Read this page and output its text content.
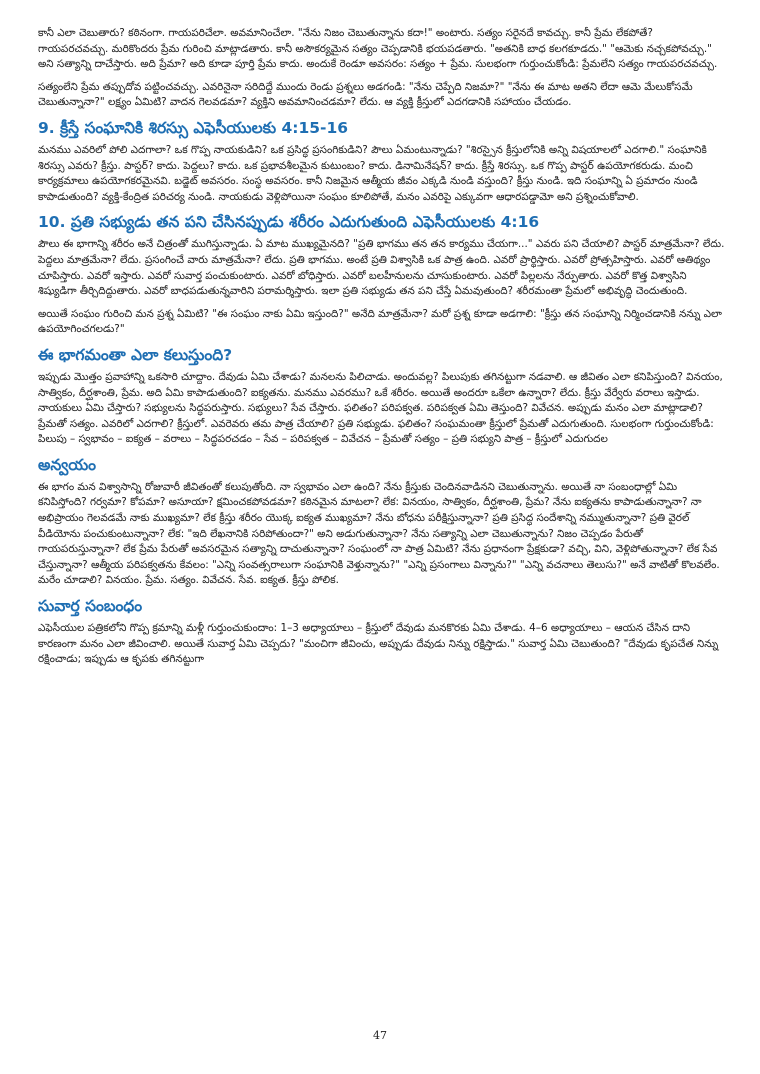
కానీ ఎలా చెబుతారు? కఠినంగా. గాయపరిచేలా. అవమానించేలా. "నేను నిజం చెబుతున్నాను కదా!" అంటారు. సత్యం సరైనదే కావచ్చు. కానీ ప్రేమ లేకపోతే? గాయపరచవచ్చు. మరికొందరు ప్రేమ గురించి మాట్లాడతారు. కానీ అసౌకర్యమైన సత్యం చెప్పడానికి భయపడతారు. "అతనికి బాధ కలగకూడదు." "ఆమెకు నచ్చకపోవచ్చు." అని సత్యాన్ని దాచేస్తారు. అది ప్రేమా? అది కూడా పూర్తి ప్రేమ కాదు. అందుకే రెండూ అవసరం: సత్యం + ప్రేమ. సులభంగా గుర్తుంచుకోండి: ప్రేమలేని సత్యం గాయపరచవచ్చు.

సత్యంలేని ప్రేమ తప్పుదోవ పట్టించవచ్చు. ఎవరినైనా సరిదిద్దే ముందు రెండు ప్రశ్నలు అడగండి: "నేను చెప్పేది నిజమా?" "నేను ఈ మాట అతని లేదా ఆమె మేలుకోసమే చెబుతున్నానా?" లక్ష్యం ఏమిటి? వాదన గెలవడమా? వ్యక్తిని అవమానించడమా? లేదు. ఆ వ్యక్తి క్రీస్తులో ఎదగడానికి సహాయం చేయడం.

9. క్రీస్తే సంఘానికి శిరస్సు ఎఫెసీయులకు 4:15-16

మనము ఎవరిలో పోలి ఎదగాలా? ఒక గొప్ప నాయకుడిని? ఒక ప్రసిద్ధ ప్రసంగికుడిని? పౌలు ఏమంటున్నాడు? "శిరస్సైన క్రీస్తులోనికి అన్ని విషయాలలో ఎదగాలి." సంఘానికి శిరస్సు ఎవరు? క్రీస్తు. పాస్టర్? కాదు. పెద్దలు? కాదు. ఒక ప్రభావశీలమైన కుటుంబం? కాదు. డినామినేషన్? కాదు. క్రీస్తే శిరస్సు. ఒక గొప్ప పాస్టర్ ఉపయోగకరుడు. మంచి కార్యక్రమాలు ఉపయోగకరమైనవి. బడ్జెట్ అవసరం. సంస్థ అవసరం. కానీ నిజమైన ఆత్మీయ జీవం ఎక్కడి నుండి వస్తుంది? క్రీస్తు నుండి. ఇది సంఘాన్ని ఏ ప్రమాదం నుండి కాపాడుతుంది? వ్యక్తి-కేంద్రిత పరిచర్య నుండి. నాయకుడు వెళ్లిపోయినా సంఘం కూలిపోతే, మనం ఎవరిపై ఎక్కువగా ఆధారపడ్డామో అని ప్రశ్నించుకోవాలి.

10. ప్రతి సభ్యుడు తన పని చేసినప్పుడు శరీరం ఎదుగుతుంది ఎఫెసీయులకు 4:16

పౌలు ఈ భాగాన్ని శరీరం అనే చిత్రంతో ముగిస్తున్నాడు. ఏ మాట ముఖ్యమైనది? "ప్రతి భాగము తన తన కార్యము చేయగా..." ఎవరు పని చేయాలి? పాస్టర్ మాత్రమేనా? లేదు. పెద్దలు మాత్రమేనా? లేదు. ప్రసంగించే వారు మాత్రమేనా? లేదు. ప్రతి భాగము. అంటే ప్రతి విశ్వాసికి ఒక పాత్ర ఉంది. ఎవరో ప్రార్థిస్తారు. ఎవరో ప్రోత్సహిస్తారు. ఎవరో ఆతిథ్యం చూపిస్తారు. ఎవరో ఇస్తారు. ఎవరో సువార్త పంచుకుంటారు. ఎవరో బోధిస్తారు. ఎవరో బలహీనులను చూసుకుంటారు. ఎవరో పిల్లలను నేర్పుతారు. ఎవరో కొత్త విశ్వాసిని శిష్యుడిగా తీర్చిదిద్దుతారు. ఎవరో బాధపడుతున్నవారిని పరామర్శిస్తారు. ఇలా ప్రతి సభ్యుడు తన పని చేస్తే ఏమవుతుంది? శరీరమంతా ప్రేమలో అభివృద్ధి చెందుతుంది.

అయితే సంఘం గురించి మన ప్రశ్న ఏమిటి? "ఈ సంఘం నాకు ఏమి ఇస్తుంది?" అనేది మాత్రమేనా? మరో ప్రశ్న కూడా అడగాలి: "క్రీస్తు తన సంఘాన్ని నిర్మించడానికి నన్ను ఎలా ఉపయోగించగలడు?"

ఈ భాగమంతా ఎలా కలుస్తుంది?

ఇప్పుడు మొత్తం ప్రవాహాన్ని ఒకసారి చూద్దాం. దేవుడు ఏమి చేశాడు? మనలను పిలిచాడు. అందువల్ల? పిలుపుకు తగినట్టుగా నడవాలి. ఆ జీవితం ఎలా కనిపిస్తుంది? వినయం, సాత్వికం, దీర్ఘశాంతి, ప్రేమ. అది ఏమి కాపాడుతుంది? ఐక్యతను. మనము ఎవరము? ఒకే శరీరం. అయితే అందరూ ఒకేలా ఉన్నారా? లేదు. క్రీస్తు వేర్వేరు వరాలు ఇస్తాడు. నాయకులు ఏమి చేస్తారు? సభ్యులను సిద్ధపరుస్తారు. సభ్యులు? సేవ చేస్తారు. ఫలితం? పరిపక్వత. పరిపక్వత ఏమి తెస్తుంది? వివేచన. అప్పుడు మనం ఎలా మాట్లాడాలి? ప్రేమతో సత్యం. ఎవరిలో ఎదగాలి? క్రీస్తులో. ఎవరెవరు తమ పాత్ర చేయాలి? ప్రతి సభ్యుడు. ఫలితం? సంఘమంతా క్రీస్తులో ప్రేమతో ఎదుగుతుంది. సులభంగా గుర్తుంచుకోండి: పిలుపు – స్వభావం – ఐక్యత – వరాలు – సిద్ధపరచడం – సేవ – పరిపక్వత – వివేచన – ప్రేమతో సత్యం – ప్రతి సభ్యుని పాత్ర – క్రీస్తులో ఎదుగుదల

అన్వయం

ఈ భాగం మన విశ్వాసాన్ని రోజువారీ జీవితంతో కలుపుతోంది. నా స్వభావం ఎలా ఉంది? నేను క్రీస్తుకు చెందినవాడినని చెబుతున్నాను. అయితే నా సంబంధాల్లో ఏమి కనిపిస్తోంది? గర్వమా? కోపమా? అసూయా? క్షమించకపోవడమా? కఠినమైన మాటలా? లేక: వినయం, సాత్వికం, దీర్ఘశాంతి, ప్రేమ? నేను ఐక్యతను కాపాడుతున్నానా? నా అభిప్రాయం గెలవడమే నాకు ముఖ్యమా? లేక క్రీస్తు శరీరం యొక్క ఐక్యత ముఖ్యమా? నేను బోధను పరీక్షిస్తున్నానా? ప్రతి ప్రసిద్ధ సందేశాన్ని నమ్ముతున్నానా? ప్రతి వైరల్ వీడియోను పంచుకుంటున్నానా? లేక: "ఇది లేఖనానికి సరిపోతుందా?" అని అడుగుతున్నానా? నేను సత్యాన్ని ఎలా చెబుతున్నాను? నిజం చెప్పడం పేరుతో గాయపరుస్తున్నానా? లేక ప్రేమ పేరుతో అవసరమైన సత్యాన్ని దాచుతున్నానా? సంఘంలో నా పాత్ర ఏమిటి? నేను ప్రధానంగా ప్రేక్షకుడా? వచ్చి, విని, వెళ్లిపోతున్నానా? లేక సేవ చేస్తున్నానా? ఆత్మీయ పరిపక్వతను కేవలం: "ఎన్ని సంవత్సరాలుగా సంఘానికి వెళ్తున్నాను?" "ఎన్ని ప్రసంగాలు విన్నాను?" "ఎన్ని వచనాలు తెలుసు?" అనే వాటితో కొలవలేం. మరేం చూడాలి? వినయం. ప్రేమ. సత్యం. వివేచన. సేవ. ఐక్యత. క్రీస్తు పోలిక.

సువార్త సంబంధం

ఎఫెసీయుల పత్రికలోని గొప్ప క్రమాన్ని మళ్లీ గుర్తుంచుకుందాం: 1–3 అధ్యాయాలు – క్రీస్తులో దేవుడు మనకొరకు ఏమి చేశాడు. 4–6 అధ్యాయాలు – ఆయన చేసిన దాని కారణంగా మనం ఎలా జీవించాలి. అయితే సువార్త ఏమి చెప్పదు? "మంచిగా జీవించు, అప్పుడు దేవుడు నిన్ను రక్షిస్తాడు." సువార్త ఏమి చెబుతుంది? "దేవుడు కృపచేత నిన్ను రక్షించాడు; ఇప్పుడు ఆ కృపకు తగినట్టుగా

47
